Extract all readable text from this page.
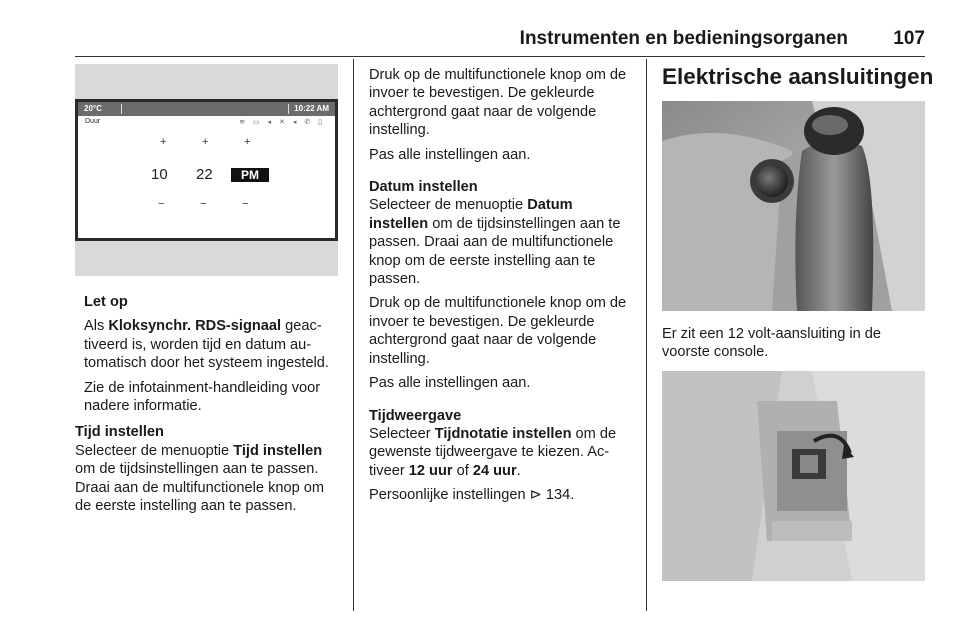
Instrumenten en bedieningsorganen 107
20°C	10:22 AM
Duur	≋ ▭ ◂ ✕ ◂ ✆ ▯
+	+	+
10 22	PM
−	−	−

Let op

Als Kloksynchr. RDS-signaal geactiveerd is, worden tijd en datum automatisch door het systeem ingesteld.

Zie de infotainment-handleiding voor nadere informatie.

Tijd instellen

Selecteer de menuoptie Tijd instellen om de tijdsinstellingen aan te passen. Draai aan de multifunctionele knop om de eerste instelling aan te passen.

Druk op de multifunctionele knop om de invoer te bevestigen. De gekleurde achtergrond gaat naar de volgende instelling.

Pas alle instellingen aan.

Datum instellen

Selecteer de menuoptie Datum instellen om de tijdsinstellingen aan te passen. Draai aan de multifunctionele knop om de eerste instelling aan te passen.

Druk op de multifunctionele knop om de invoer te bevestigen. De gekleurde achtergrond gaat naar de volgende instelling.

Pas alle instellingen aan.

Tijdweergave

Selecteer Tijdnotatie instellen om de gewenste tijdweergave te kiezen. Activeer 12 uur of 24 uur.

Persoonlijke instellingen ⊳ 134.

Elektrische aansluitingen

Er zit een 12 volt-aansluiting in de voorste console.
